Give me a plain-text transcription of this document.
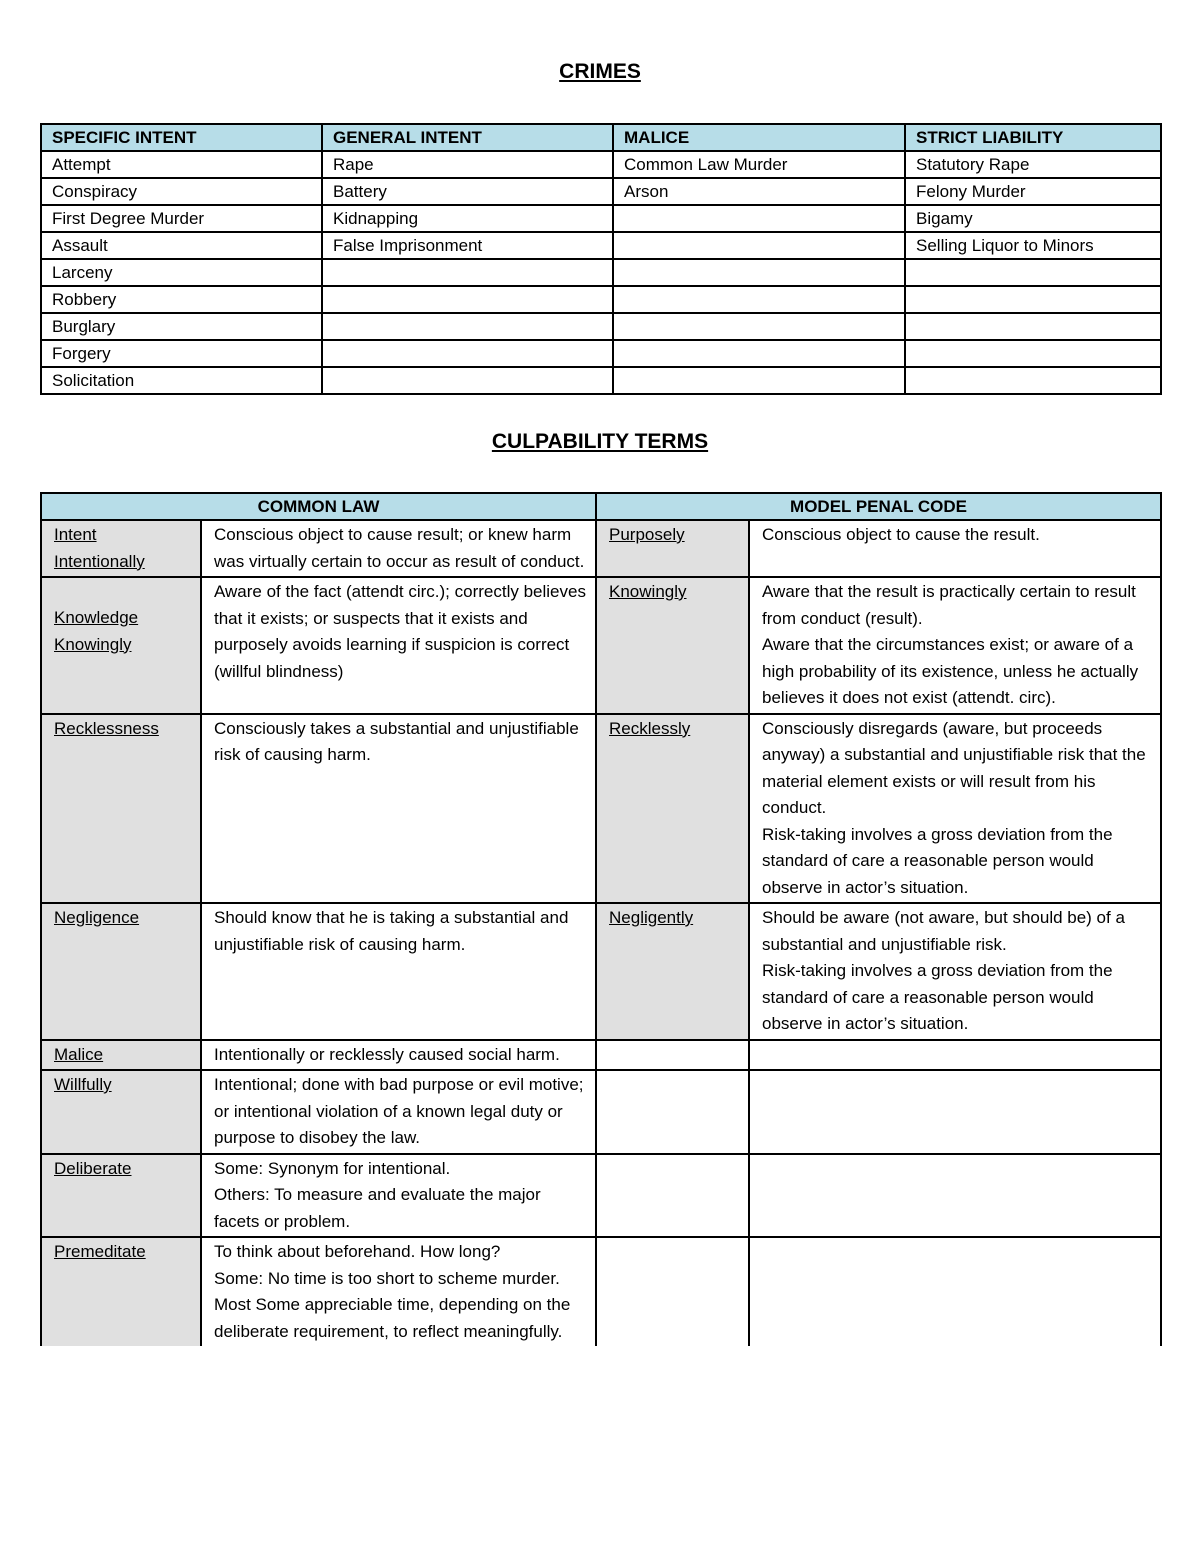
CRIMES
SPECIFIC INTENT	GENERAL INTENT	MALICE	STRICT LIABILITY
Attempt	Rape	Common Law Murder	Statutory Rape
Conspiracy	Battery	Arson	Felony Murder
First Degree Murder	Kidnapping		Bigamy
Assault	False Imprisonment		Selling Liquor to Minors
Larceny			
Robbery			
Burglary			
Forgery			
Solicitation			
CULPABILITY TERMS
COMMON LAW		MODEL PENAL CODE	

Intent
Intentionally	Conscious object to cause result; or knew harm was virtually certain to occur as result of conduct.	Purposely	Conscious object to cause the result.

Knowledge
Knowingly	Aware of the fact (attendt circ.); correctly believes that it exists; or suspects that it exists and purposely avoids learning if suspicion is correct (willful blindness)	Knowingly	Aware that the result is practically certain to result from conduct (result).
Aware that the circumstances exist; or aware of a high probability of its existence, unless he actually believes it does not exist (attendt. circ).

Recklessness	Consciously takes a substantial and unjustifiable risk of causing harm.	Recklessly	Consciously disregards (aware, but proceeds anyway) a substantial and unjustifiable risk that the material element exists or will result from his conduct.
Risk-taking involves a gross deviation from the standard of care a reasonable person would observe in actor’s situation.

Negligence	Should know that he is taking a substantial and unjustifiable risk of causing harm.	Negligently	Should be aware (not aware, but should be) of a substantial and unjustifiable risk.
Risk-taking involves a gross deviation from the standard of care a reasonable person would observe in actor’s situation.

Malice	Intentionally or recklessly caused social harm.		

Willfully	Intentional; done with bad purpose or evil motive; or intentional violation of a known legal duty or purpose to disobey the law.		

Deliberate	Some: Synonym for intentional.
Others: To measure and evaluate the major facets or problem.		

Premeditate	To think about beforehand. How long?
Some: No time is too short to scheme murder.
Most Some appreciable time, depending on the deliberate requirement, to reflect meaningfully.		
